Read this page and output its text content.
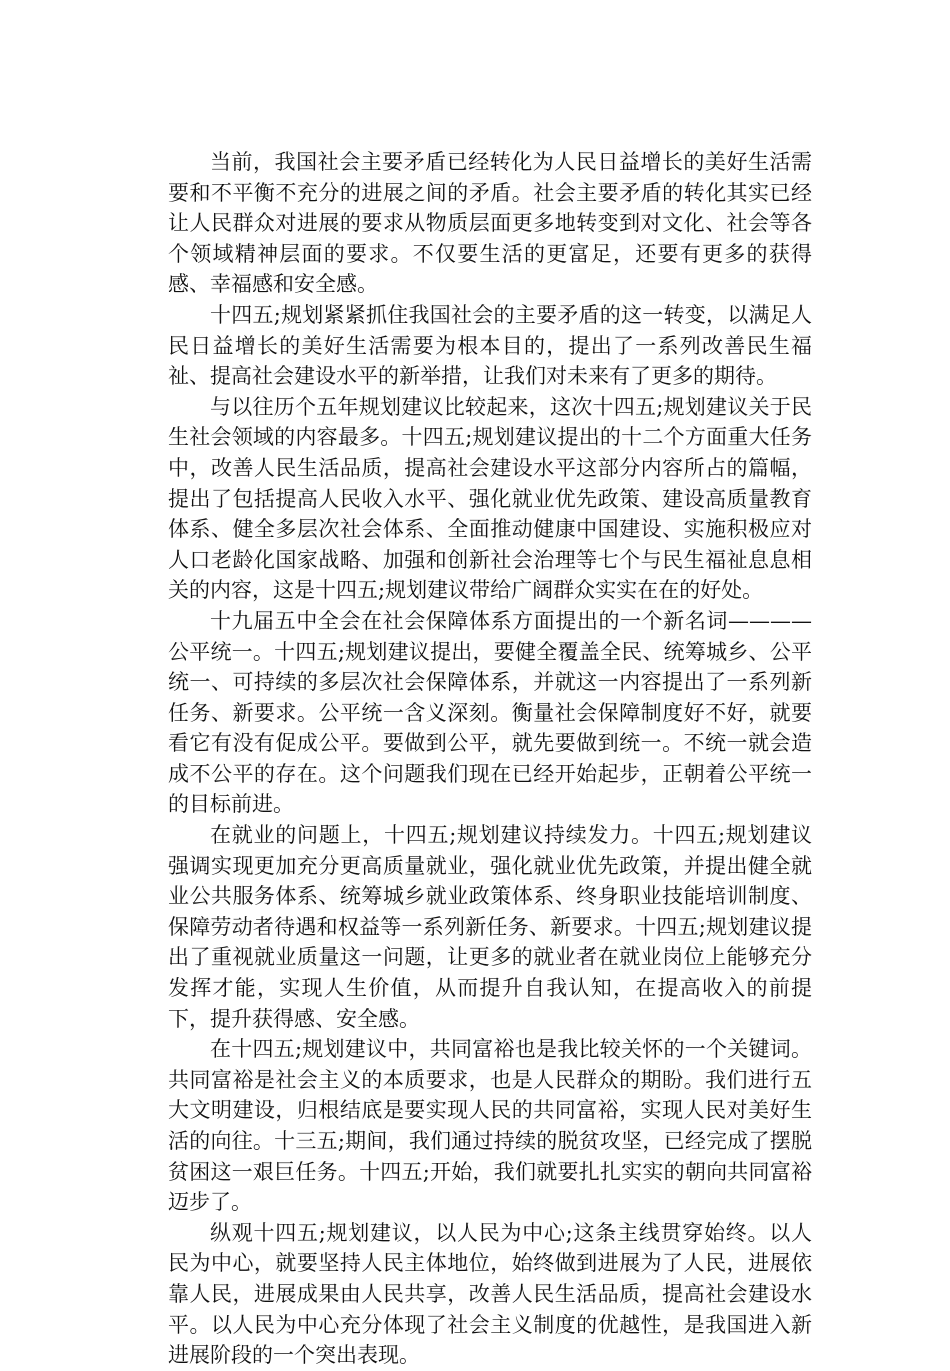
当前，我国社会主要矛盾已经转化为人民日益增长的美好生活需要和不平衡不充分的进展之间的矛盾。社会主要矛盾的转化其实已经让人民群众对进展的要求从物质层面更多地转变到对文化、社会等各个领域精神层面的要求。不仅要生活的更富足，还要有更多的获得感、幸福感和安全感。

十四五;规划紧紧抓住我国社会的主要矛盾的这一转变，以满足人民日益增长的美好生活需要为根本目的，提出了一系列改善民生福祉、提高社会建设水平的新举措，让我们对未来有了更多的期待。

与以往历个五年规划建议比较起来，这次十四五;规划建议关于民生社会领域的内容最多。十四五;规划建议提出的十二个方面重大任务中，改善人民生活品质，提高社会建设水平这部分内容所占的篇幅，提出了包括提高人民收入水平、强化就业优先政策、建设高质量教育体系、健全多层次社会体系、全面推动健康中国建设、实施积极应对人口老龄化国家战略、加强和创新社会治理等七个与民生福祉息息相关的内容，这是十四五;规划建议带给广阔群众实实在在的好处。

十九届五中全会在社会保障体系方面提出的一个新名词————公平统一。十四五;规划建议提出，要健全覆盖全民、统筹城乡、公平统一、可持续的多层次社会保障体系，并就这一内容提出了一系列新任务、新要求。公平统一含义深刻。衡量社会保障制度好不好，就要看它有没有促成公平。要做到公平，就先要做到统一。不统一就会造成不公平的存在。这个问题我们现在已经开始起步，正朝着公平统一的目标前进。

在就业的问题上，十四五;规划建议持续发力。十四五;规划建议强调实现更加充分更高质量就业，强化就业优先政策，并提出健全就业公共服务体系、统筹城乡就业政策体系、终身职业技能培训制度、保障劳动者待遇和权益等一系列新任务、新要求。十四五;规划建议提出了重视就业质量这一问题，让更多的就业者在就业岗位上能够充分发挥才能，实现人生价值，从而提升自我认知，在提高收入的前提下，提升获得感、安全感。

在十四五;规划建议中，共同富裕也是我比较关怀的一个关键词。共同富裕是社会主义的本质要求，也是人民群众的期盼。我们进行五大文明建设，归根结底是要实现人民的共同富裕，实现人民对美好生活的向往。十三五;期间，我们通过持续的脱贫攻坚，已经完成了摆脱贫困这一艰巨任务。十四五;开始，我们就要扎扎实实的朝向共同富裕迈步了。

纵观十四五;规划建议，以人民为中心;这条主线贯穿始终。以人民为中心，就要坚持人民主体地位，始终做到进展为了人民，进展依靠人民，进展成果由人民共享，改善人民生活品质，提高社会建设水平。以人民为中心充分体现了社会主义制度的优越性，是我国进入新进展阶段的一个突出表现。
